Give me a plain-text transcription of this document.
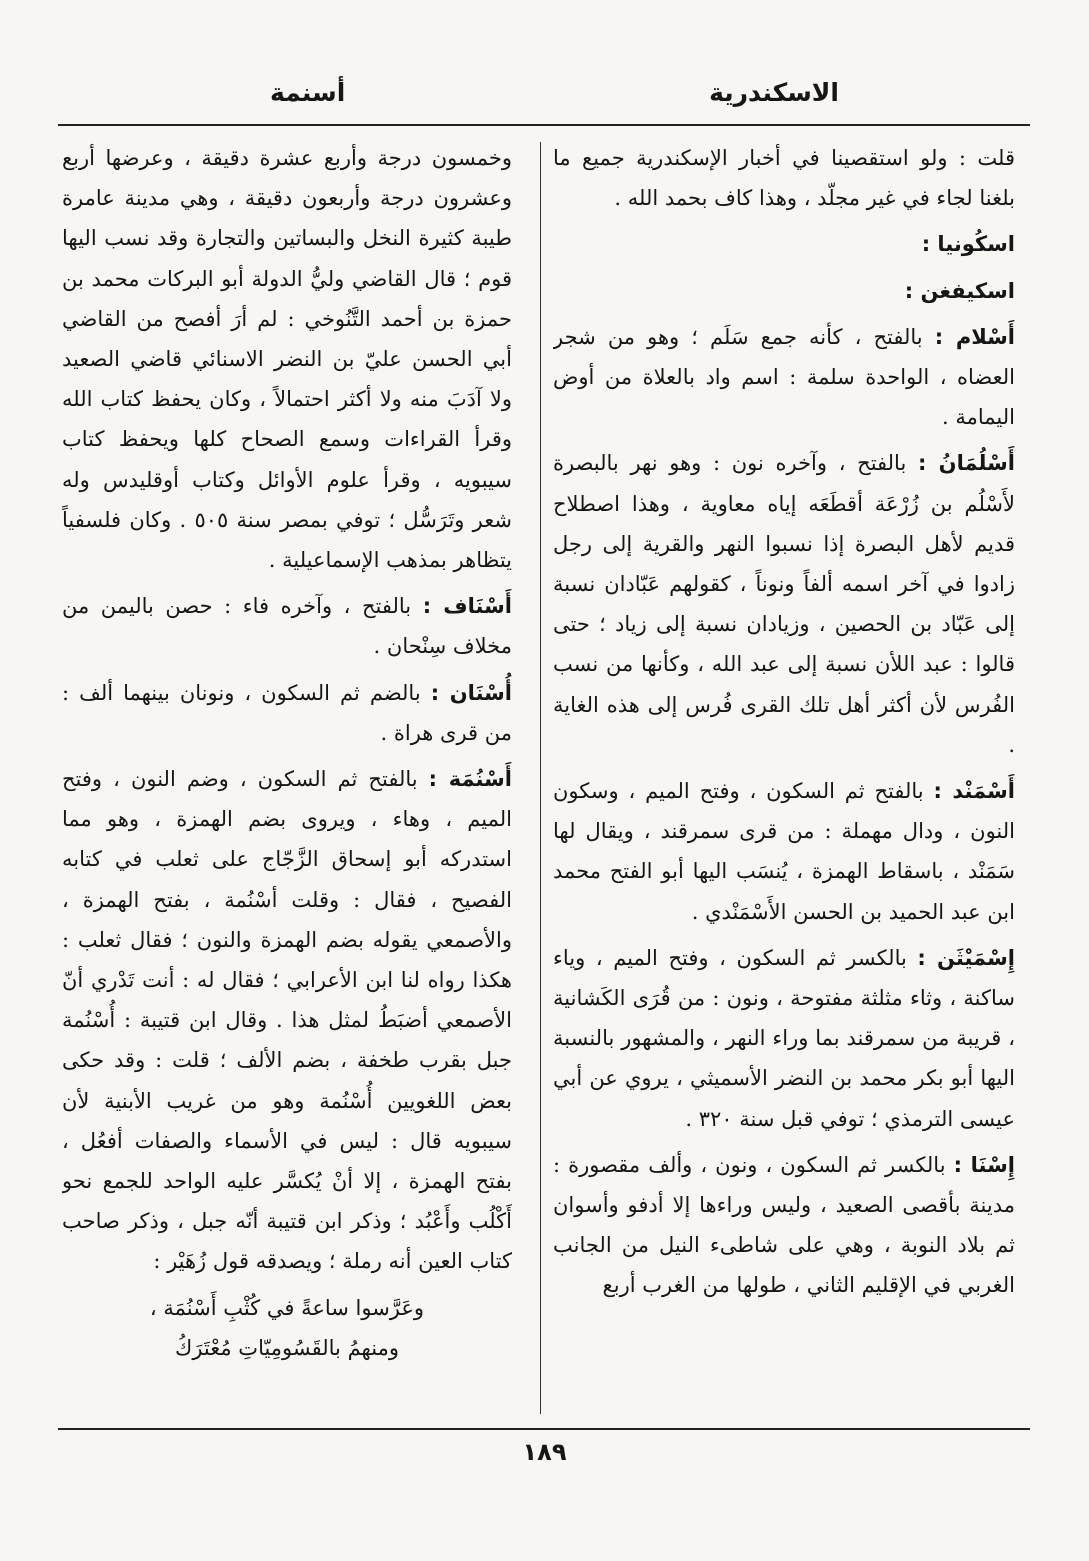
الاسكندرية
أسنمة

قلت : ولو استقصينا في أخبار الإسكندرية جميع ما بلغنا لجاء في غير مجلّد ، وهذا كاف بحمد الله .

اسكُونيا :

اسكيفغن :

أَسْلام : بالفتح ، كأنه جمع سَلَم ؛ وهو من شجر العضاه ، الواحدة سلمة : اسم واد بالعلاة من أوض اليمامة .

أَسْلُمَانُ : بالفتح ، وآخره نون : وهو نهر بالبصرة لأَسْلُم بن زُرْعَة أقطَعَه إياه معاوية ، وهذا اصطلاح قديم لأهل البصرة إذا نسبوا النهر والقرية إلى رجل زادوا في آخر اسمه ألفاً ونوناً ، كقولهم عَبّادان نسبة إلى عَبّاد بن الحصين ، وزيادان نسبة إلى زياد ؛ حتى قالوا : عبد اللأن نسبة إلى عبد الله ، وكأنها من نسب الفُرس لأن أكثر أهل تلك القرى فُرس إلى هذه الغاية .

أَسْمَنْد : بالفتح ثم السكون ، وفتح الميم ، وسكون النون ، ودال مهملة : من قرى سمرقند ، ويقال لها سَمَنْد ، باسقاط الهمزة ، يُنسَب اليها أبو الفتح محمد ابن عبد الحميد بن الحسن الأَسْمَنْدي .

إِسْمَيْثَن : بالكسر ثم السكون ، وفتح الميم ، وياء ساكنة ، وثاء مثلثة مفتوحة ، ونون : من قُرَى الكَشانية ، قريبة من سمرقند بما وراء النهر ، والمشهور بالنسبة اليها أبو بكر محمد بن النضر الأسميثي ، يروي عن أبي عيسى الترمذي ؛ توفي قبل سنة ٣٢٠ .

إِسْنَا : بالكسر ثم السكون ، ونون ، وألف مقصورة : مدينة بأقصى الصعيد ، وليس وراءها إلا أدفو وأسوان ثم بلاد النوبة ، وهي على شاطىء النيل من الجانب الغربي في الإقليم الثاني ، طولها من الغرب أربع

وخمسون درجة وأربع عشرة دقيقة ، وعرضها أربع وعشرون درجة وأربعون دقيقة ، وهي مدينة عامرة طيبة كثيرة النخل والبساتين والتجارة وقد نسب اليها قوم ؛ قال القاضي وليُّ الدولة أبو البركات محمد بن حمزة بن أحمد التَّنُوخي : لم أرَ أفصح من القاضي أبي الحسن عليّ بن النضر الاسنائي قاضي الصعيد ولا آدَبَ منه ولا أكثر احتمالاً ، وكان يحفظ كتاب الله وقرأ القراءات وسمع الصحاح كلها ويحفظ كتاب سيبويه ، وقرأ علوم الأوائل وكتاب أوقليدس وله شعر وتَرَسُّل ؛ توفي بمصر سنة ٥٠٥ . وكان فلسفياً يتظاهر بمذهب الإسماعيلية .

أَسْنَاف : بالفتح ، وآخره فاء : حصن باليمن من مخلاف سِنْحان .

أُسْنَان : بالضم ثم السكون ، ونونان بينهما ألف : من قرى هراة .

أَسْنُمَة : بالفتح ثم السكون ، وضم النون ، وفتح الميم ، وهاء ، ويروى بضم الهمزة ، وهو مما استدركه أبو إسحاق الزَّجّاج على ثعلب في كتابه الفصيح ، فقال : وقلت أسْنُمة ، بفتح الهمزة ، والأصمعي يقوله بضم الهمزة والنون ؛ فقال ثعلب : هكذا رواه لنا ابن الأعرابي ؛ فقال له : أنت تَدْري أنّ الأصمعي أضبَطُ لمثل هذا . وقال ابن قتيبة : أُسْنُمة جبل بقرب طخفة ، بضم الألف ؛ قلت : وقد حكى بعض اللغويين أُسْنُمة وهو من غريب الأبنية لأن سيبويه قال : ليس في الأسماء والصفات أفعُل ، بفتح الهمزة ، إلا أنْ يُكسَّر عليه الواحد للجمع نحو أَكْلُب وأَعْبُد ؛ وذكر ابن قتيبة أنّه جبل ، وذكر صاحب كتاب العين أنه رملة ؛ ويصدقه قول زُهَيْر :

وعَرَّسوا ساعةً في كُثْبِ أَسْنُمَة ،
ومنهمُ بالقَسُومِيّاتِ مُعْتَرَكُ
١٨٩
